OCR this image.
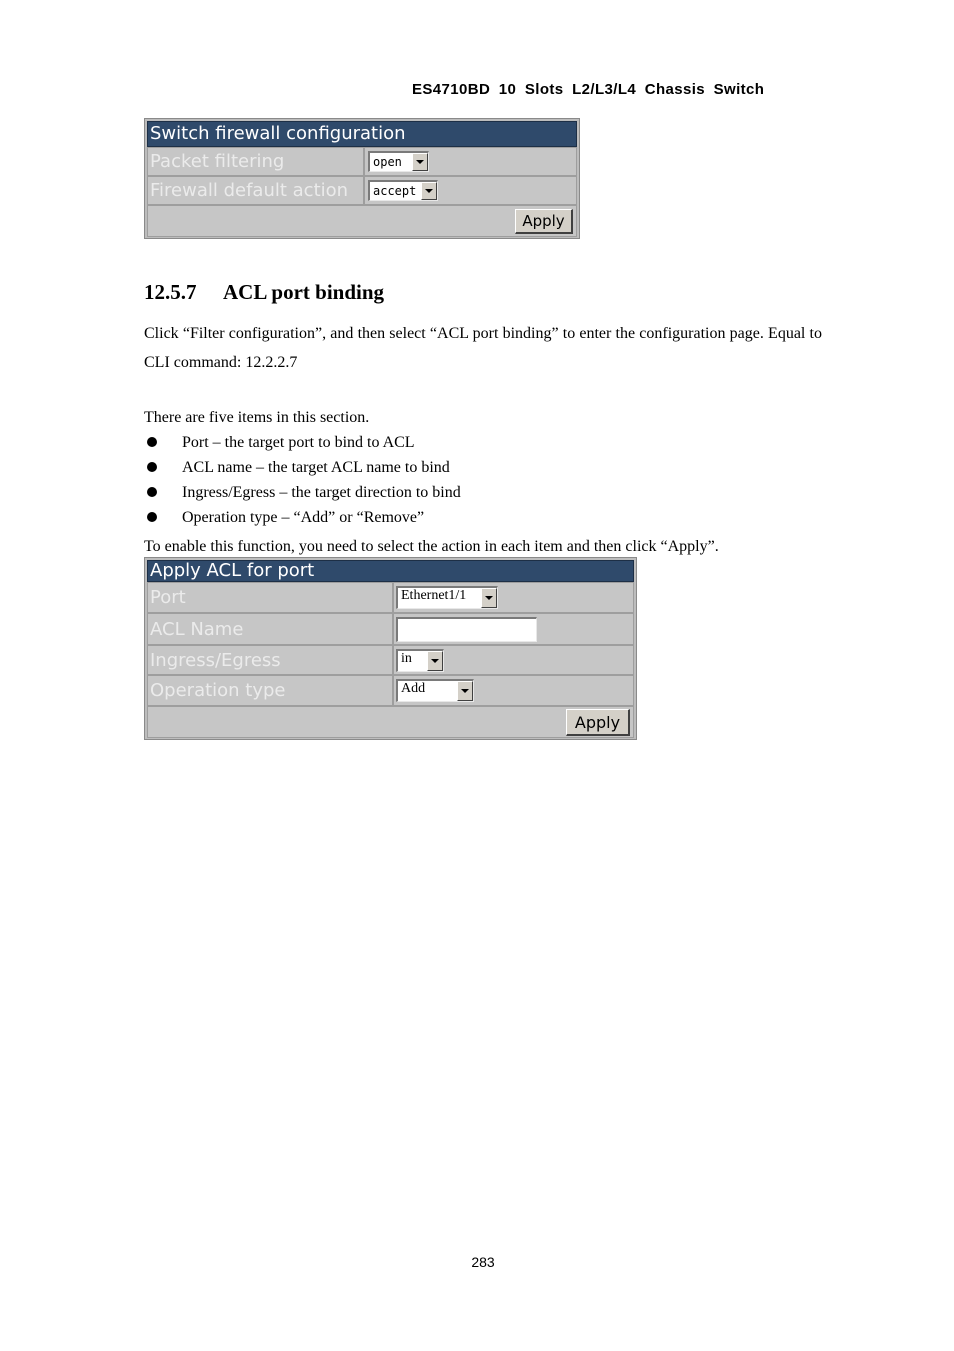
ES4710BD 10 Slots L2/L3/L4 Chassis Switch
Switch firewall configuration
Packet filtering	open
Firewall default action	accept
Apply
12.5.7 ACL port binding
Click “Filter configuration”, and then select “ACL port binding” to enter the configuration page. Equal to CLI command: 12.2.2.7
There are five items in this section.
Port – the target port to bind to ACL
ACL name – the target ACL name to bind
Ingress/Egress – the target direction to bind
Operation type – “Add” or “Remove”
To enable this function, you need to select the action in each item and then click “Apply”.
Apply ACL for port
Port	Ethernet1/1
ACL Name
Ingress/Egress	in
Operation type	Add
Apply
283
